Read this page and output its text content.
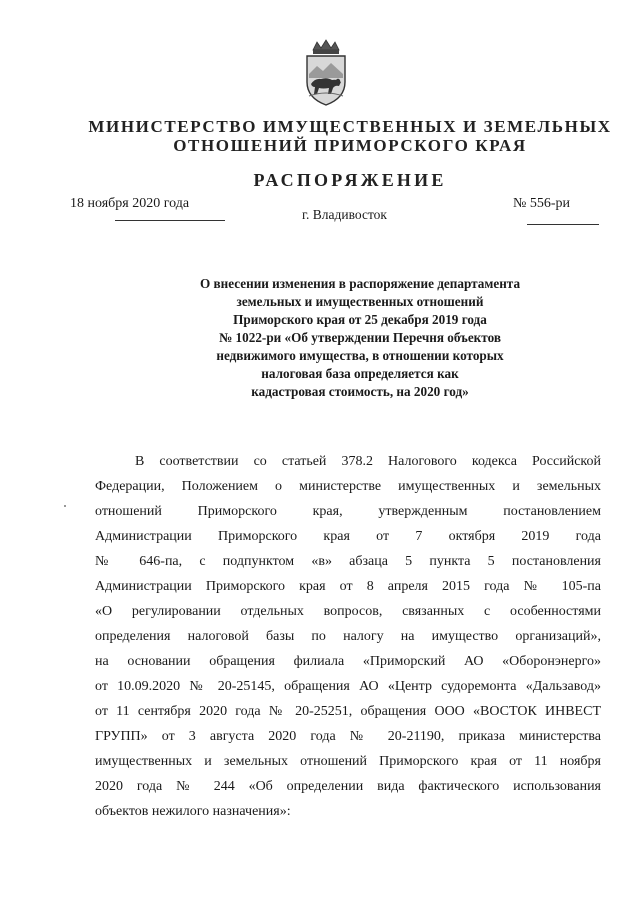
МИНИСТЕРСТВО ИМУЩЕСТВЕННЫХ И ЗЕМЕЛЬНЫХ
ОТНОШЕНИЙ ПРИМОРСКОГО КРАЯ
РАСПОРЯЖЕНИЕ
18 ноября 2020 года
г. Владивосток
№ 556-ри
О внесении изменения в распоряжение департамента
земельных и имущественных отношений
Приморского края от 25 декабря 2019 года
№ 1022-ри «Об утверждении Перечня объектов
недвижимого имущества, в отношении которых
налоговая база определяется как
кадастровая стоимость, на 2020 год»
В соответствии со статьей 378.2 Налогового кодекса Российской
Федерации, Положением о министерстве имущественных и земельных
отношений Приморского края, утвержденным постановлением
Администрации Приморского края от 7 октября 2019 года
№ 646-па, с подпунктом «в» абзаца 5 пункта 5 постановления
Администрации Приморского края от 8 апреля 2015 года № 105-па
«О регулировании отдельных вопросов, связанных с особенностями
определения налоговой базы по налогу на имущество организаций»,
на основании обращения филиала «Приморский АО «Оборонэнерго»
от 10.09.2020 № 20-25145, обращения АО «Центр судоремонта «Дальзавод»
от 11 сентября 2020 года № 20-25251, обращения ООО «ВОСТОК ИНВЕСТ
ГРУПП» от 3 августа 2020 года № 20-21190, приказа министерства
имущественных и земельных отношений Приморского края от 11 ноября
2020 года № 244 «Об определении вида фактического использования
объектов нежилого назначения»:
